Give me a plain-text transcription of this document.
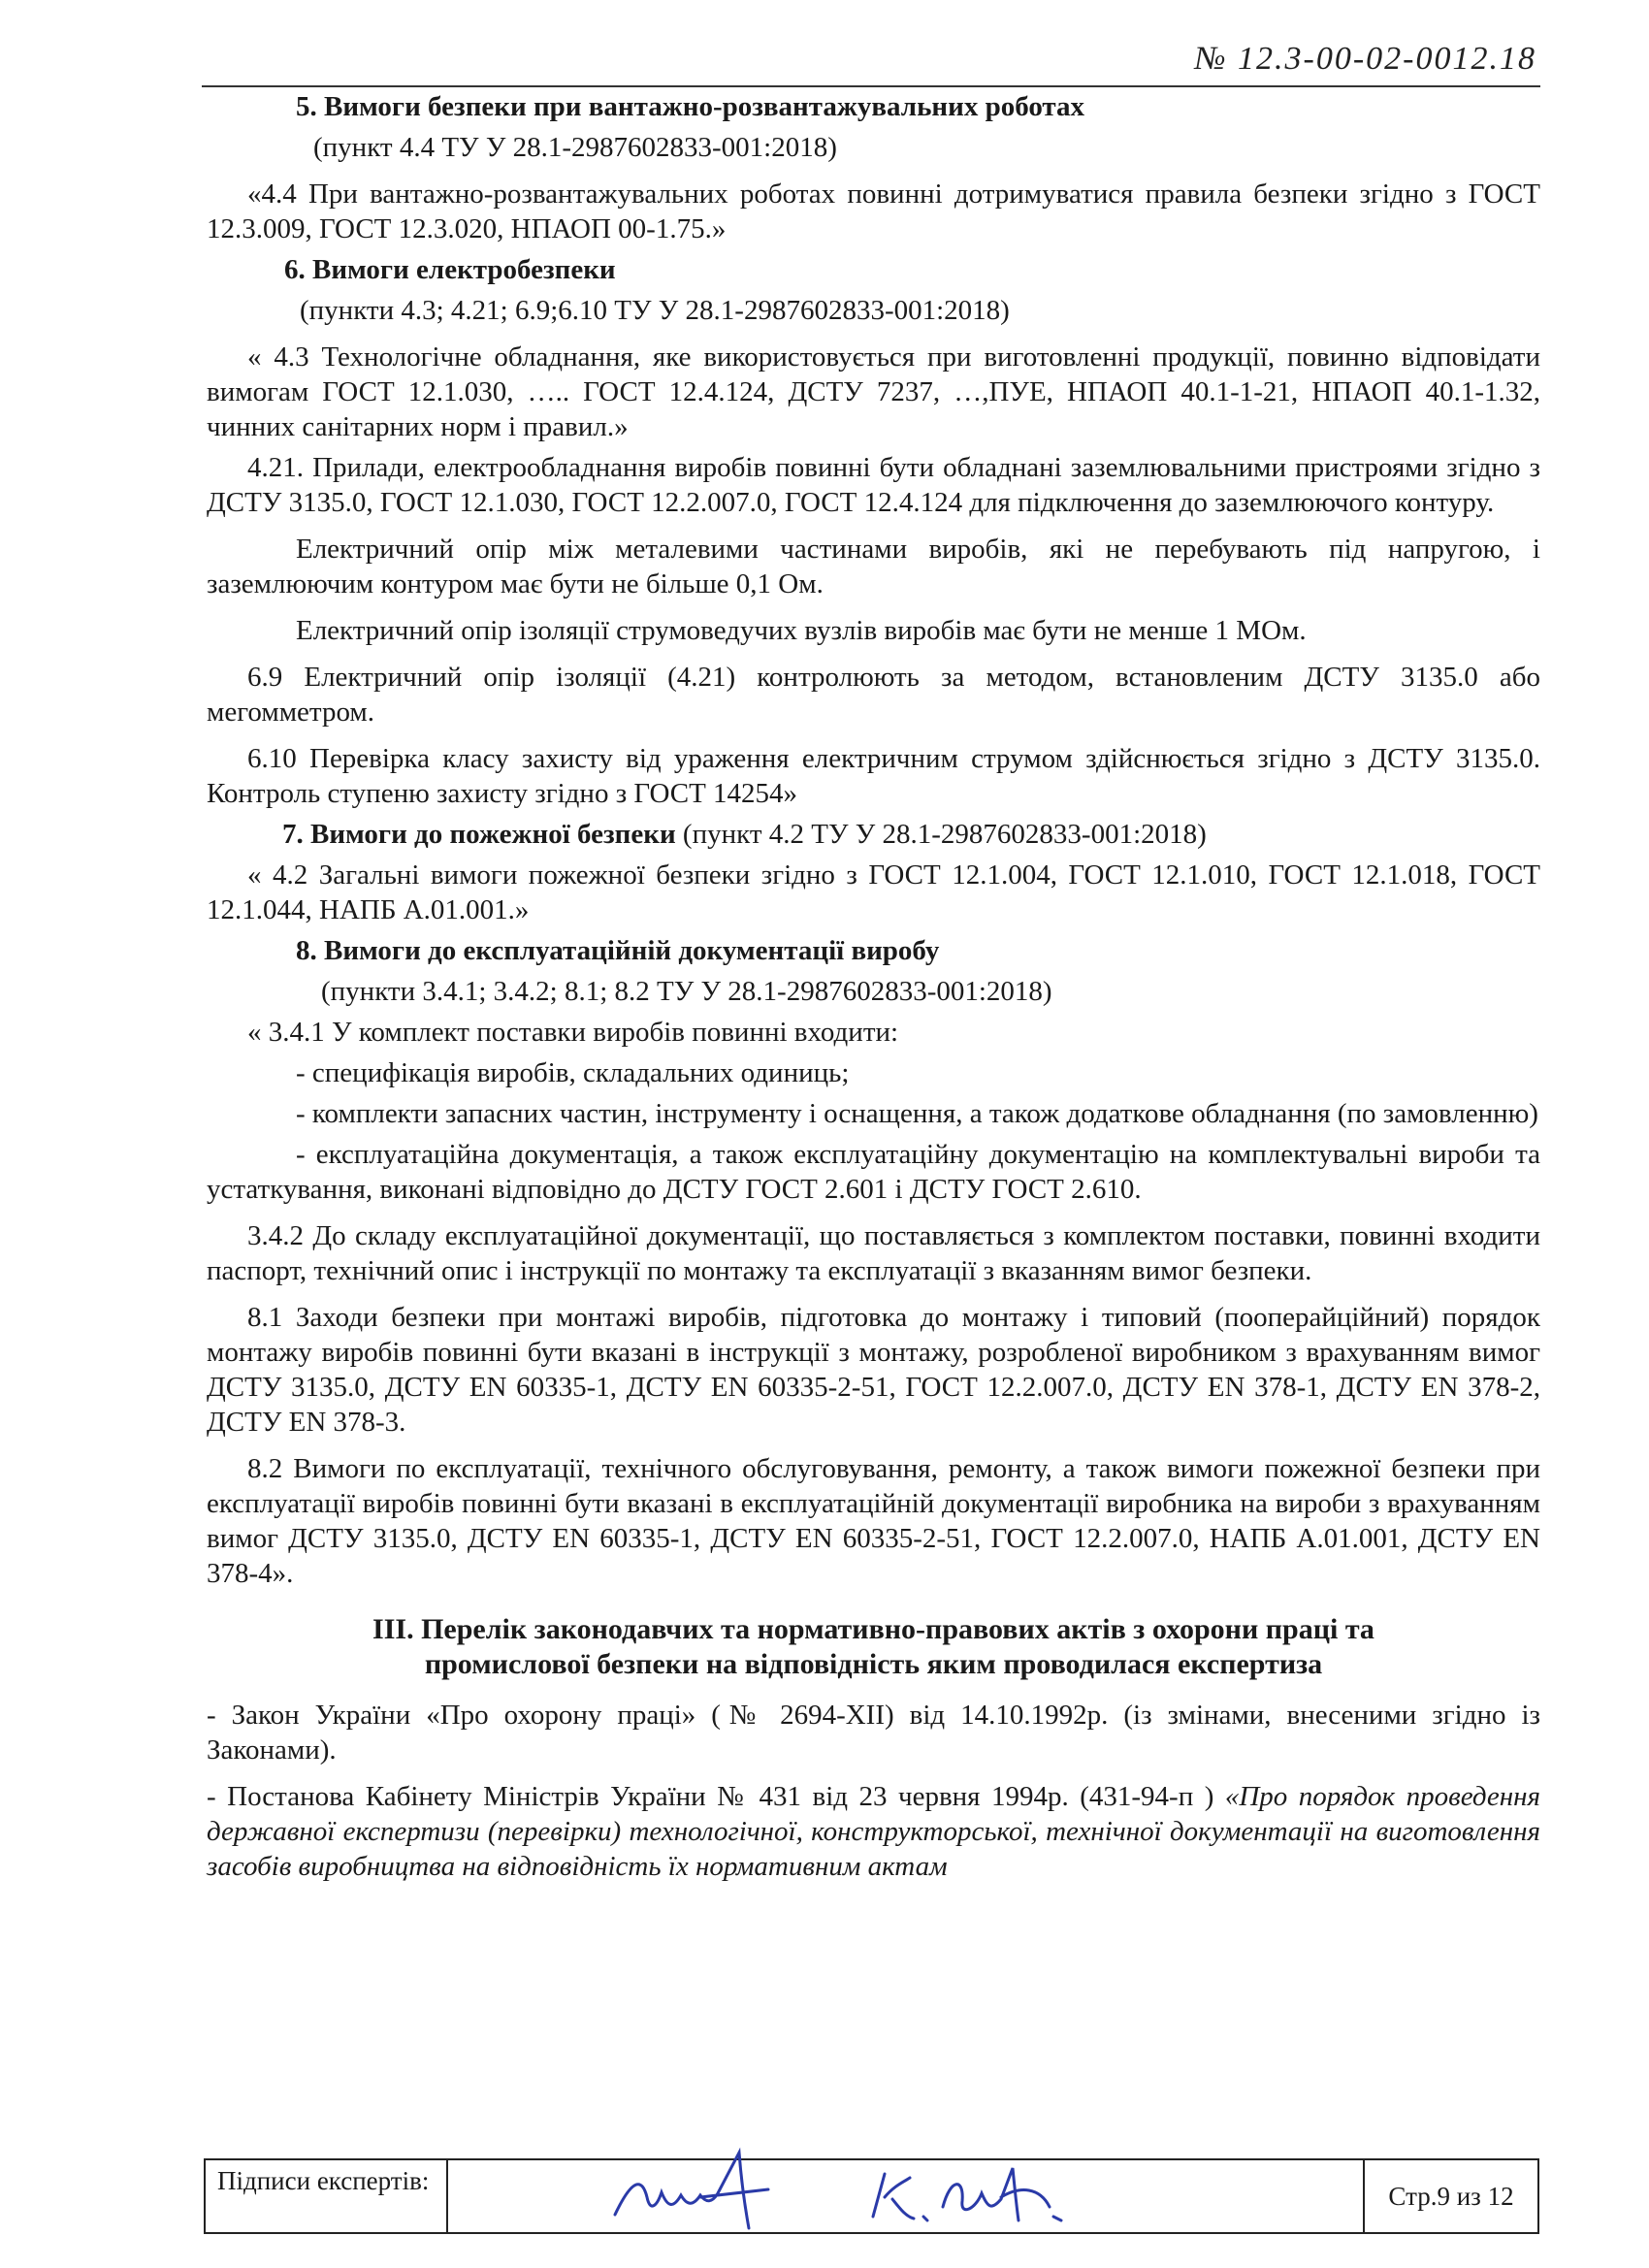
№ 12.3-00-02-0012.18

5. Вимоги безпеки при вантажно-розвантажувальних роботах

(пункт 4.4 ТУ У 28.1-2987602833-001:2018)

«4.4 При вантажно-розвантажувальних роботах повинні дотримуватися правила безпеки згідно з ГОСТ 12.3.009, ГОСТ 12.3.020, НПАОП 00-1.75.»

6. Вимоги електробезпеки

(пункти 4.3; 4.21; 6.9;6.10 ТУ У 28.1-2987602833-001:2018)

« 4.3 Технологічне обладнання, яке використовується при виготовленні продукції, повинно відповідати вимогам ГОСТ 12.1.030, ….. ГОСТ 12.4.124, ДСТУ 7237, …,ПУЕ, НПАОП 40.1-1-21, НПАОП 40.1-1.32, чинних санітарних норм і правил.»

4.21. Прилади, електрообладнання виробів повинні бути обладнані заземлювальними пристроями згідно з ДСТУ 3135.0, ГОСТ 12.1.030, ГОСТ 12.2.007.0, ГОСТ 12.4.124 для підключення до заземлюючого контуру.

Електричний опір між металевими частинами виробів, які не перебувають під напругою, і заземлюючим контуром має бути не більше 0,1 Ом.

Електричний опір ізоляції струмоведучих вузлів виробів має бути не менше 1 МОм.

6.9 Електричний опір ізоляції (4.21) контролюють за методом, встановленим ДСТУ 3135.0 або мегомметром.

6.10 Перевірка класу захисту від ураження електричним струмом здійснюється згідно з ДСТУ 3135.0. Контроль ступеню захисту згідно з ГОСТ 14254»

7. Вимоги до пожежної безпеки (пункт 4.2 ТУ У 28.1-2987602833-001:2018)

« 4.2 Загальні вимоги пожежної безпеки згідно з ГОСТ 12.1.004, ГОСТ 12.1.010, ГОСТ 12.1.018, ГОСТ 12.1.044, НАПБ А.01.001.»

8. Вимоги до експлуатаційній документації виробу

(пункти 3.4.1; 3.4.2; 8.1; 8.2 ТУ У 28.1-2987602833-001:2018)

« 3.4.1 У комплект поставки виробів повинні входити:

- специфікація виробів, складальних одиниць;

- комплекти запасних частин, інструменту і оснащення, а також додаткове обладнання (по замовленню)

- експлуатаційна документація, а також експлуатаційну документацію на комплектувальні вироби та устаткування, виконані відповідно до ДСТУ ГОСТ 2.601 і ДСТУ ГОСТ 2.610.

3.4.2 До складу експлуатаційної документації, що поставляється з комплектом поставки, повинні входити паспорт, технічний опис і інструкції по монтажу та експлуатації з вказанням вимог безпеки.

8.1 Заходи безпеки при монтажі виробів, підготовка до монтажу і типовий (пооперайційний) порядок монтажу виробів повинні бути вказані в інструкції з монтажу, розробленої виробником з врахуванням вимог ДСТУ 3135.0, ДСТУ EN 60335-1, ДСТУ EN 60335-2-51, ГОСТ 12.2.007.0, ДСТУ EN 378-1, ДСТУ EN 378-2, ДСТУ EN 378-3.

8.2 Вимоги по експлуатації, технічного обслуговування, ремонту, а також вимоги пожежної безпеки при експлуатації виробів повинні бути вказані в експлуатаційній документації виробника на вироби з врахуванням вимог ДСТУ 3135.0, ДСТУ EN 60335-1, ДСТУ EN 60335-2-51, ГОСТ 12.2.007.0, НАПБ А.01.001, ДСТУ EN 378-4».

ІІІ. Перелік законодавчих та нормативно-правових актів з охорони праці та
промислової безпеки на відповідність яким проводилася експертиза

- Закон України «Про охорону праці» (№ 2694-XII) від 14.10.1992р. (із змінами, внесеними згідно із Законами).

- Постанова Кабінету Міністрів України № 431 від 23 червня 1994р. (431-94-п ) «Про порядок проведення державної експертизи (перевірки) технологічної, конструкторської, технічної документації на виготовлення засобів виробництва на відповідність їх нормативним актам

Підписи експертів:
Стр.9 из 12
